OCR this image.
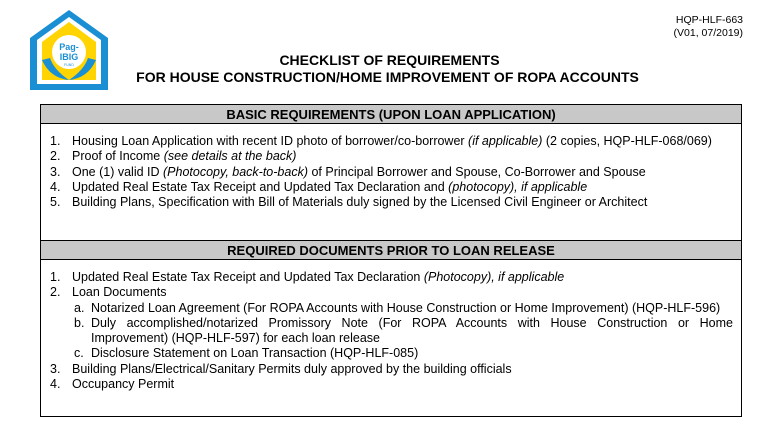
Pag-
IBIG
FUND
HQP-HLF-663
(V01, 07/2019)
CHECKLIST OF REQUIREMENTS
FOR HOUSE CONSTRUCTION/HOME IMPROVEMENT OF ROPA ACCOUNTS
BASIC REQUIREMENTS (UPON LOAN APPLICATION)
1. Housing Loan Application with recent ID photo of borrower/co-borrower (if applicable) (2 copies, HQP-HLF-068/069)
2. Proof of Income (see details at the back)
3. One (1) valid ID (Photocopy, back-to-back) of Principal Borrower and Spouse, Co-Borrower and Spouse
4. Updated Real Estate Tax Receipt and Updated Tax Declaration and (photocopy), if applicable
5. Building Plans, Specification with Bill of Materials duly signed by the Licensed Civil Engineer or Architect
REQUIRED DOCUMENTS PRIOR TO LOAN RELEASE
1. Updated Real Estate Tax Receipt and Updated Tax Declaration (Photocopy), if applicable
2. Loan Documents
a. Notarized Loan Agreement (For ROPA Accounts with House Construction or Home Improvement) (HQP-HLF-596)
b. Duly accomplished/notarized Promissory Note (For ROPA Accounts with House Construction or Home Improvement) (HQP-HLF-597) for each loan release
c. Disclosure Statement on Loan Transaction (HQP-HLF-085)
3. Building Plans/Electrical/Sanitary Permits duly approved by the building officials
4. Occupancy Permit
